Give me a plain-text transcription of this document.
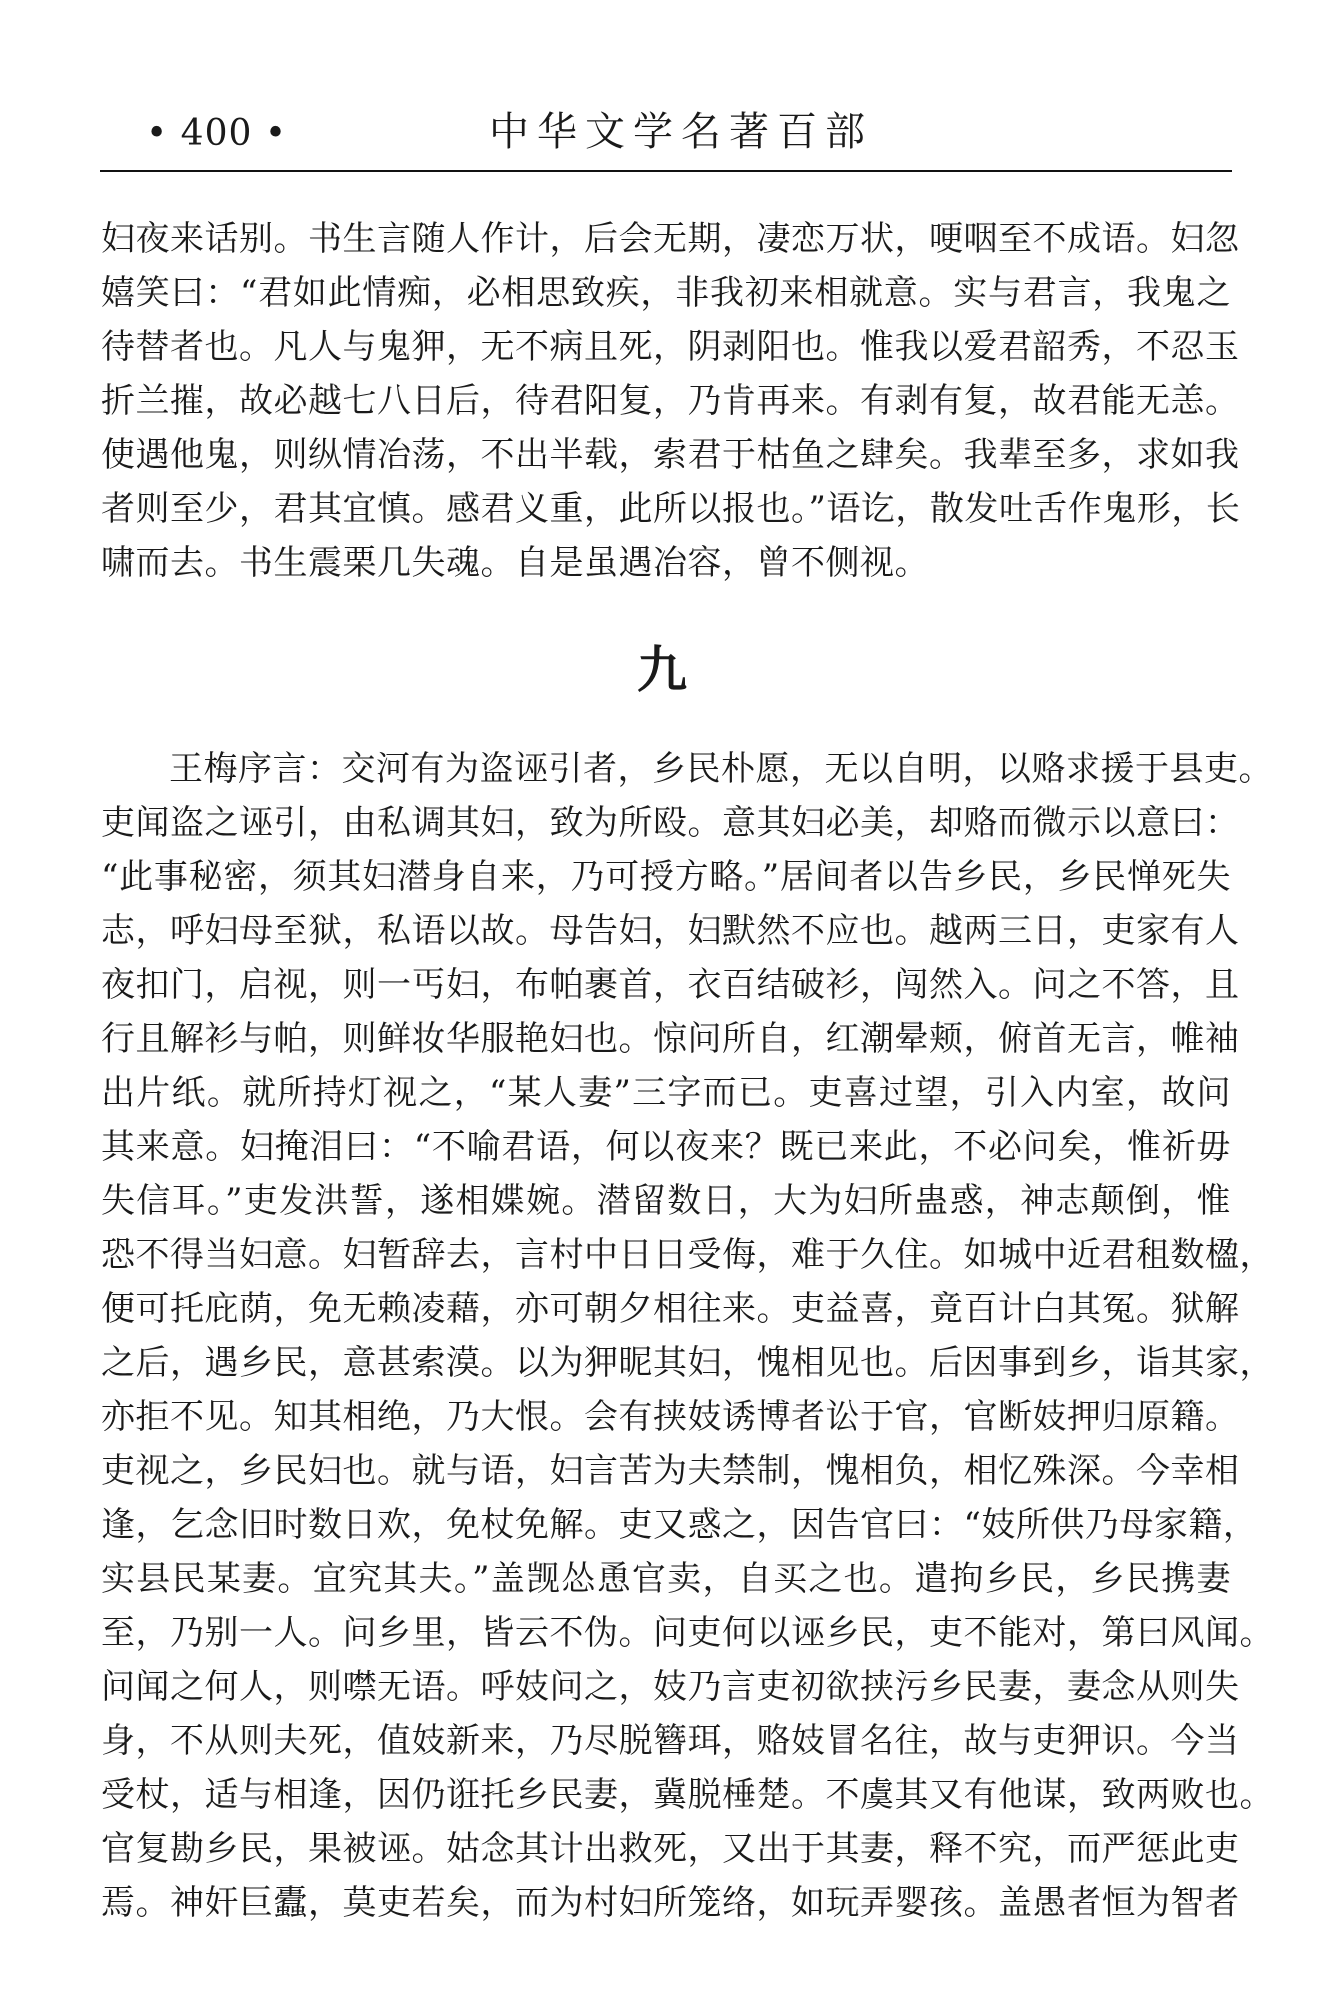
• 400 •	中华文学名著百部
妇夜来话别。书生言随人作计，后会无期，凄恋万状，哽咽至不成语。妇忽
嬉笑曰：“君如此情痴，必相思致疾，非我初来相就意。实与君言，我鬼之
待替者也。凡人与鬼狎，无不病且死，阴剥阳也。惟我以爱君韶秀，不忍玉
折兰摧，故必越七八日后，待君阳复，乃肯再来。有剥有复，故君能无恙。
使遇他鬼，则纵情冶荡，不出半载，索君于枯鱼之肆矣。我辈至多，求如我
者则至少，君其宜慎。感君义重，此所以报也。”语讫，散发吐舌作鬼形，长
啸而去。书生震栗几失魂。自是虽遇冶容，曾不侧视。
九
王梅序言：交河有为盗诬引者，乡民朴愿，无以自明，以赂求援于县吏。
吏闻盗之诬引，由私调其妇，致为所殴。意其妇必美，却赂而微示以意曰：
“此事秘密，须其妇潜身自来，乃可授方略。”居间者以告乡民，乡民惮死失
志，呼妇母至狱，私语以故。母告妇，妇默然不应也。越两三日，吏家有人
夜扣门，启视，则一丐妇，布帕裹首，衣百结破衫，闯然入。问之不答，且
行且解衫与帕，则鲜妆华服艳妇也。惊问所自，红潮晕颊，俯首无言，帷袖
出片纸。就所持灯视之，“某人妻”三字而已。吏喜过望，引入内室，故问
其来意。妇掩泪曰：“不喻君语，何以夜来？既已来此，不必问矣，惟祈毋
失信耳。”吏发洪誓，遂相媟婉。潜留数日，大为妇所蛊惑，神志颠倒，惟
恐不得当妇意。妇暂辞去，言村中日日受侮，难于久住。如城中近君租数楹，
便可托庇荫，免无赖凌藉，亦可朝夕相往来。吏益喜，竟百计白其冤。狱解
之后，遇乡民，意甚索漠。以为狎昵其妇，愧相见也。后因事到乡，诣其家，
亦拒不见。知其相绝，乃大恨。会有挟妓诱博者讼于官，官断妓押归原籍。
吏视之，乡民妇也。就与语，妇言苦为夫禁制，愧相负，相忆殊深。今幸相
逢，乞念旧时数日欢，免杖免解。吏又惑之，因告官曰：“妓所供乃母家籍，
实县民某妻。宜究其夫。”盖觊怂恿官卖，自买之也。遣拘乡民，乡民携妻
至，乃别一人。问乡里，皆云不伪。问吏何以诬乡民，吏不能对，第曰风闻。
问闻之何人，则噤无语。呼妓问之，妓乃言吏初欲挟污乡民妻，妻念从则失
身，不从则夫死，值妓新来，乃尽脱簪珥，赂妓冒名往，故与吏狎识。今当
受杖，适与相逢，因仍诳托乡民妻，冀脱棰楚。不虞其又有他谋，致两败也。
官复勘乡民，果被诬。姑念其计出救死，又出于其妻，释不究，而严惩此吏
焉。神奸巨蠹，莫吏若矣，而为村妇所笼络，如玩弄婴孩。盖愚者恒为智者
